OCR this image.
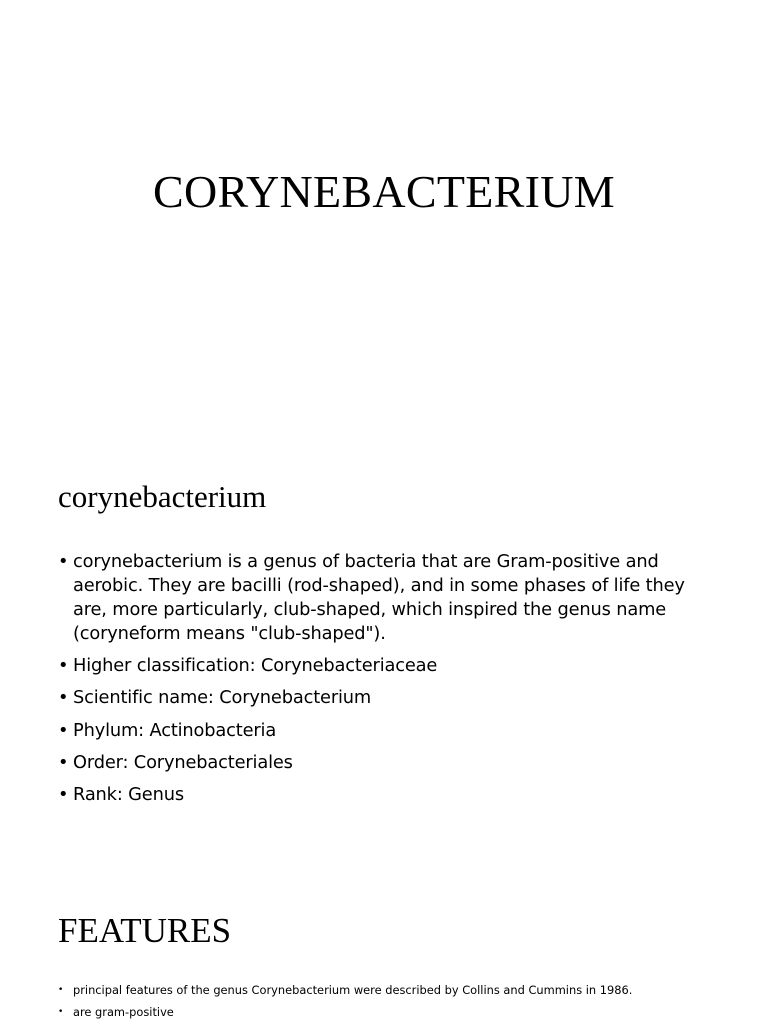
CORYNEBACTERIUM
corynebacterium
• corynebacterium is a genus of bacteria that are Gram-positive and aerobic. They are bacilli (rod-shaped), and in some phases of life they are, more particularly, club-shaped, which inspired the genus name (coryneform means "club-shaped").
• Higher classification: Corynebacteriaceae
• Scientific name: Corynebacterium
• Phylum: Actinobacteria
• Order: Corynebacteriales
• Rank: Genus
FEATURES
• principal features of the genus Corynebacterium were described by Collins and Cummins in 1986.
• are gram-positive
